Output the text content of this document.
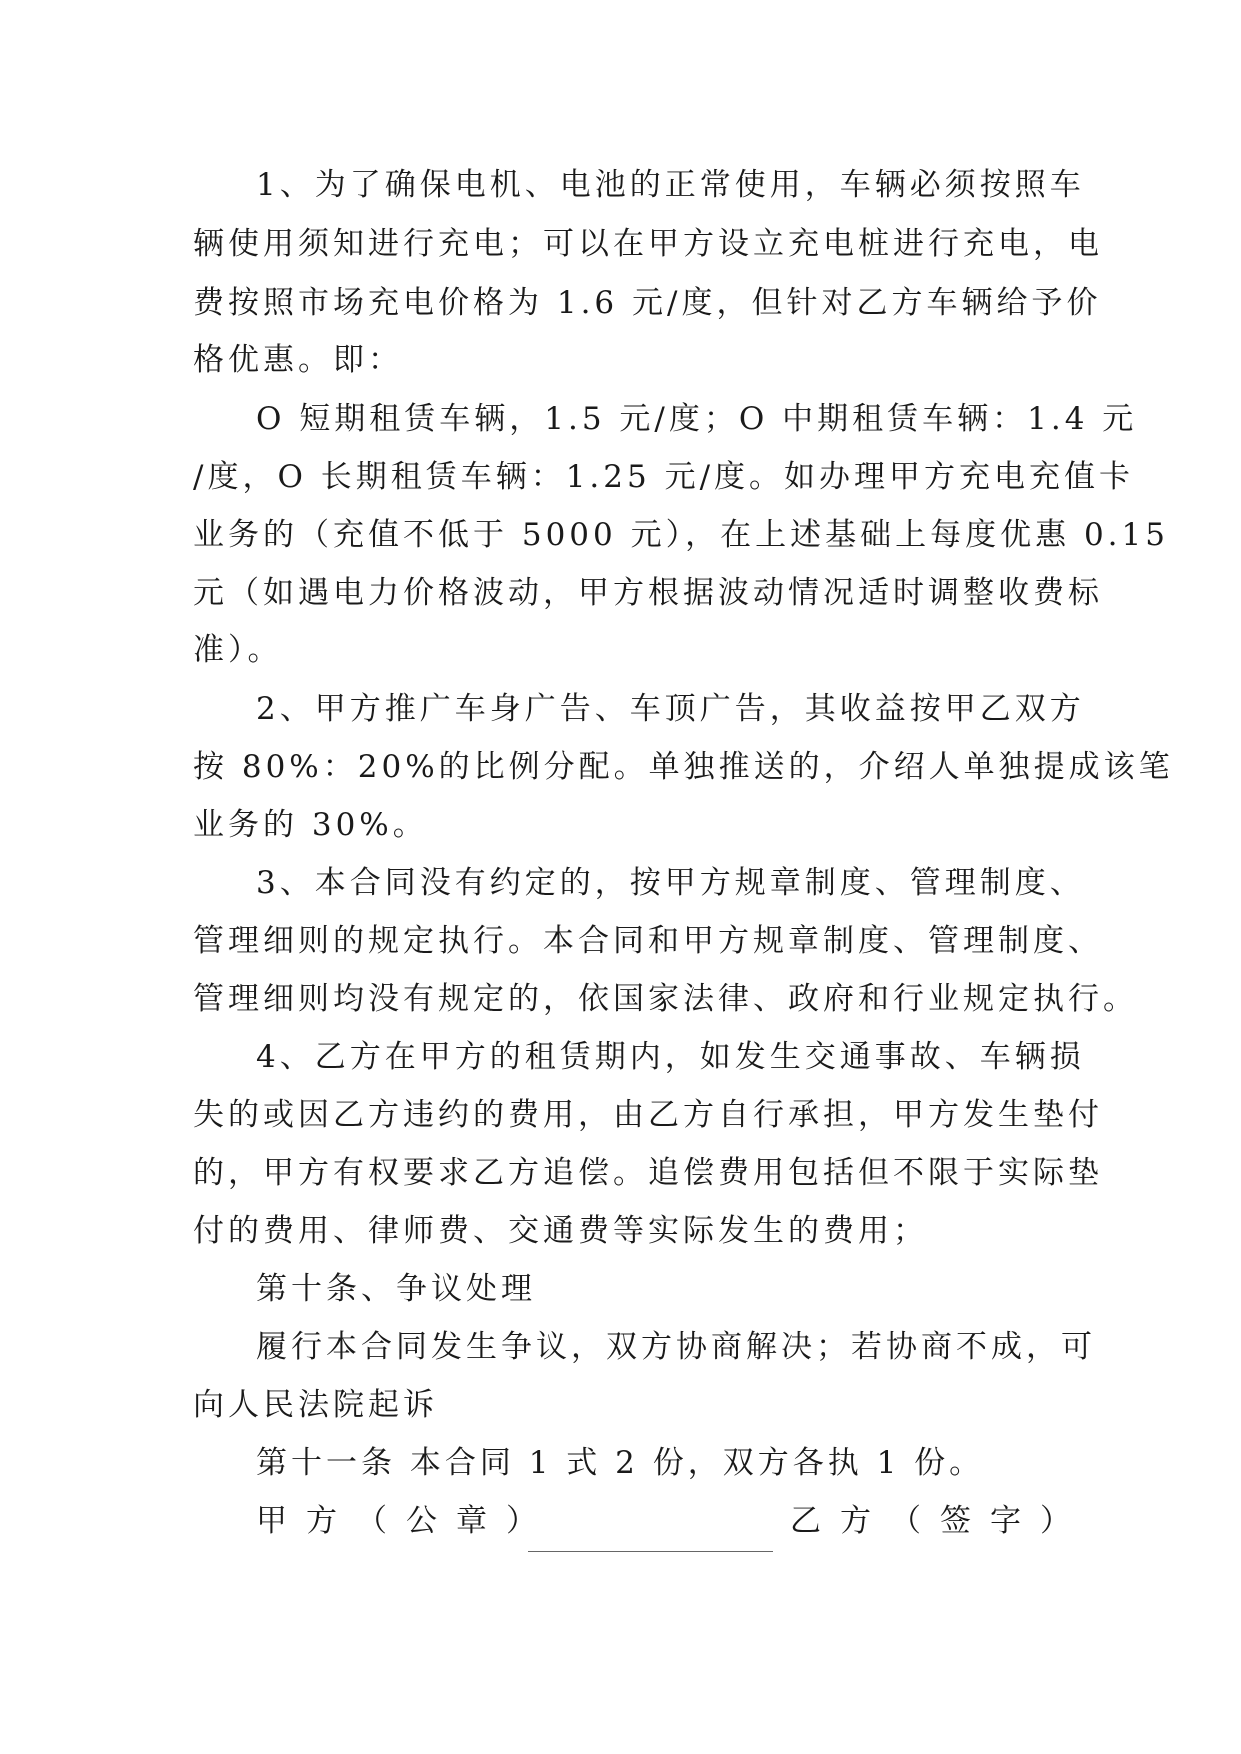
1、为了确保电机、电池的正常使用，车辆必须按照车
辆使用须知进行充电；可以在甲方设立充电桩进行充电，电
费按照市场充电价格为 1.6 元/度，但针对乙方车辆给予价
格优惠。即：
O 短期租赁车辆，1.5 元/度；O 中期租赁车辆：1.4 元
/度，O 长期租赁车辆：1.25 元/度。如办理甲方充电充值卡
业务的（充值不低于 5000 元），在上述基础上每度优惠 0.15
元（如遇电力价格波动，甲方根据波动情况适时调整收费标
准）。
2、甲方推广车身广告、车顶广告，其收益按甲乙双方
按 80%：20%的比例分配。单独推送的，介绍人单独提成该笔
业务的 30%。
3、本合同没有约定的，按甲方规章制度、管理制度、
管理细则的规定执行。本合同和甲方规章制度、管理制度、
管理细则均没有规定的，依国家法律、政府和行业规定执行。
4、乙方在甲方的租赁期内，如发生交通事故、车辆损
失的或因乙方违约的费用，由乙方自行承担，甲方发生垫付
的，甲方有权要求乙方追偿。追偿费用包括但不限于实际垫
付的费用、律师费、交通费等实际发生的费用；
第十条、争议处理
履行本合同发生争议，双方协商解决；若协商不成，可
向人民法院起诉
第十一条 本合同 1 式 2 份，双方各执 1 份。
甲方（公章）	乙方（签字）
